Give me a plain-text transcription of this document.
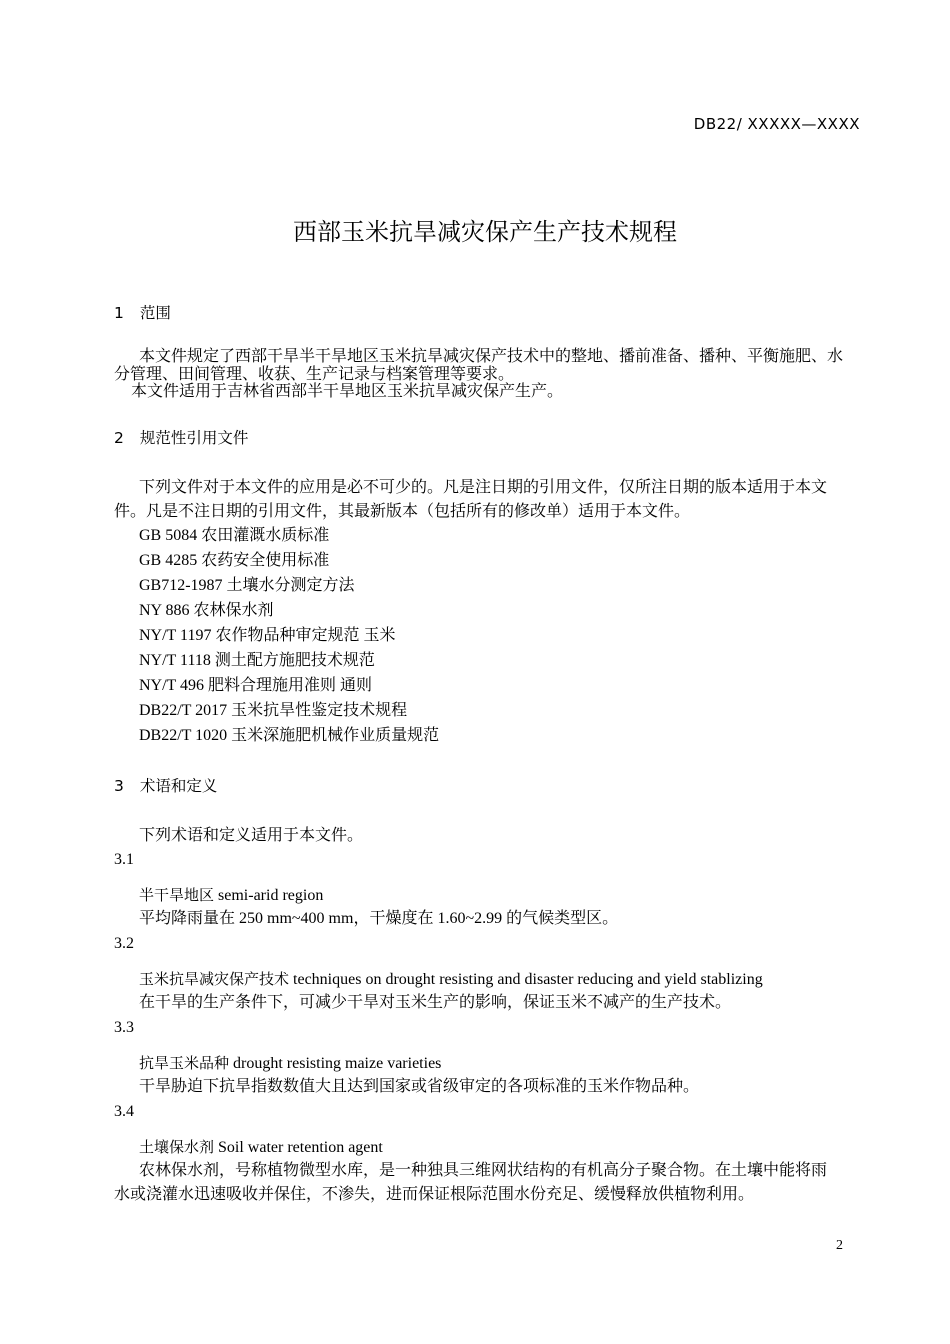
DB22/ XXXXX—XXXX
西部玉米抗旱减灾保产生产技术规程
1 范围
本文件规定了西部干旱半干旱地区玉米抗旱减灾保产技术中的整地、播前准备、播种、平衡施肥、水
分管理、田间管理、收获、生产记录与档案管理等要求。
本文件适用于吉林省西部半干旱地区玉米抗旱减灾保产生产。
2 规范性引用文件
下列文件对于本文件的应用是必不可少的。凡是注日期的引用文件，仅所注日期的版本适用于本文
件。凡是不注日期的引用文件，其最新版本（包括所有的修改单）适用于本文件。
GB 5084 农田灌溉水质标准
GB 4285 农药安全使用标准
GB712-1987 土壤水分测定方法
NY 886 农林保水剂
NY/T 1197 农作物品种审定规范 玉米
NY/T 1118 测土配方施肥技术规范
NY/T 496 肥料合理施用准则 通则
DB22/T 2017 玉米抗旱性鉴定技术规程
DB22/T 1020 玉米深施肥机械作业质量规范
3 术语和定义
下列术语和定义适用于本文件。
3.1
半干旱地区 semi-arid region
平均降雨量在 250 mm~400 mm，干燥度在 1.60~2.99 的气候类型区。
3.2
玉米抗旱减灾保产技术 techniques on drought resisting and disaster reducing and yield stablizing
在干旱的生产条件下，可减少干旱对玉米生产的影响，保证玉米不减产的生产技术。
3.3
抗旱玉米品种 drought resisting maize varieties
干旱胁迫下抗旱指数数值大且达到国家或省级审定的各项标准的玉米作物品种。
3.4
土壤保水剂 Soil water retention agent
农林保水剂，号称植物微型水库，是一种独具三维网状结构的有机高分子聚合物。在土壤中能将雨
水或浇灌水迅速吸收并保住，不渗失，进而保证根际范围水份充足、缓慢释放供植物利用。
2
